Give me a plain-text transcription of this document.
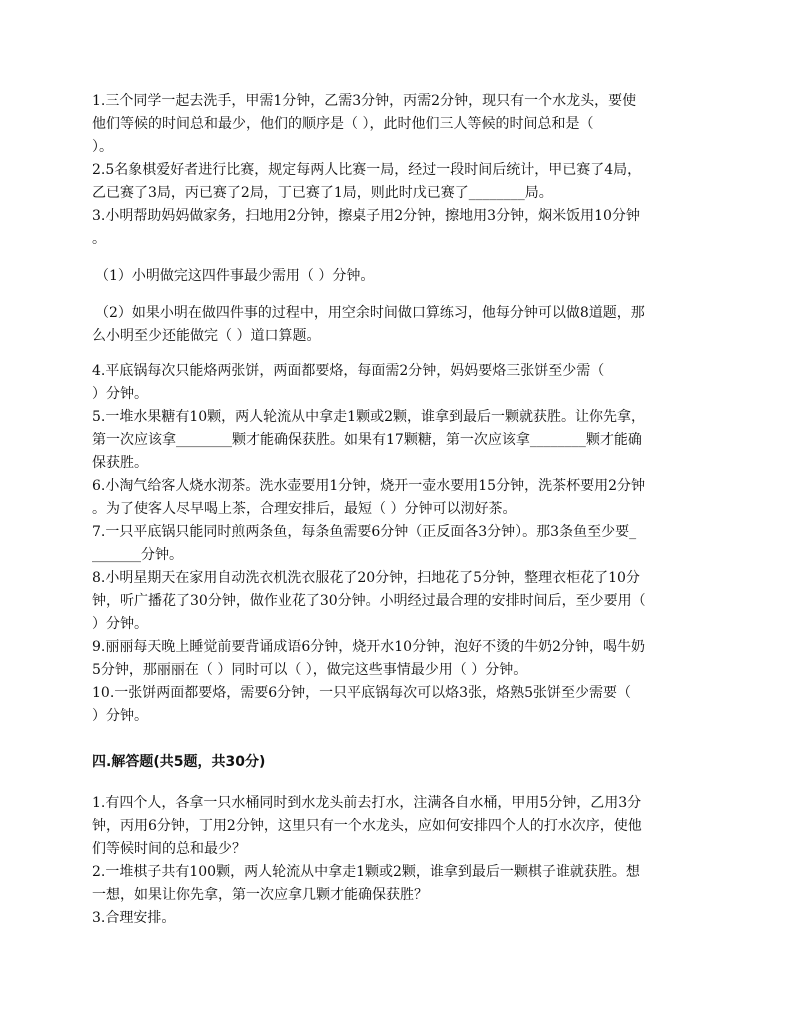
1.三个同学一起去洗手，甲需1分钟，乙需3分钟，丙需2分钟，现只有一个水龙头，要使
他们等候的时间总和最少，他们的顺序是（ ），此时他们三人等候的时间总和是（
）。
2.5名象棋爱好者进行比赛，规定每两人比赛一局，经过一段时间后统计，甲已赛了4局，
乙已赛了3局，丙已赛了2局，丁已赛了1局，则此时戊已赛了________局。
3.小明帮助妈妈做家务，扫地用2分钟，擦桌子用2分钟，擦地用3分钟，焖米饭用10分钟
。
（1）小明做完这四件事最少需用（ ）分钟。
（2）如果小明在做四件事的过程中，用空余时间做口算练习，他每分钟可以做8道题，那
么小明至少还能做完（ ）道口算题。
4.平底锅每次只能烙两张饼，两面都要烙，每面需2分钟，妈妈要烙三张饼至少需（
）分钟。
5.一堆水果糖有10颗，两人轮流从中拿走1颗或2颗，谁拿到最后一颗就获胜。让你先拿，
第一次应该拿________颗才能确保获胜。如果有17颗糖，第一次应该拿________颗才能确
保获胜。
6.小淘气给客人烧水沏茶。洗水壶要用1分钟，烧开一壶水要用15分钟，洗茶杯要用2分钟
。为了使客人尽早喝上茶，合理安排后，最短（ ）分钟可以沏好茶。
7.一只平底锅只能同时煎两条鱼，每条鱼需要6分钟（正反面各3分钟）。那3条鱼至少要_
_______分钟。
8.小明星期天在家用自动洗衣机洗衣服花了20分钟，扫地花了5分钟，整理衣柜花了10分
钟，听广播花了30分钟，做作业花了30分钟。小明经过最合理的安排时间后，至少要用（
）分钟。
9.丽丽每天晚上睡觉前要背诵成语6分钟，烧开水10分钟，泡好不烫的牛奶2分钟，喝牛奶
5分钟，那丽丽在（ ）同时可以（ ），做完这些事情最少用（ ）分钟。
10.一张饼两面都要烙，需要6分钟，一只平底锅每次可以烙3张，烙熟5张饼至少需要（
）分钟。
四.解答题(共5题，共30分)
1.有四个人，各拿一只水桶同时到水龙头前去打水，注满各自水桶，甲用5分钟，乙用3分
钟，丙用6分钟，丁用2分钟，这里只有一个水龙头，应如何安排四个人的打水次序，使他
们等候时间的总和最少？
2.一堆棋子共有100颗，两人轮流从中拿走1颗或2颗，谁拿到最后一颗棋子谁就获胜。想
一想，如果让你先拿，第一次应拿几颗才能确保获胜？
3.合理安排。
